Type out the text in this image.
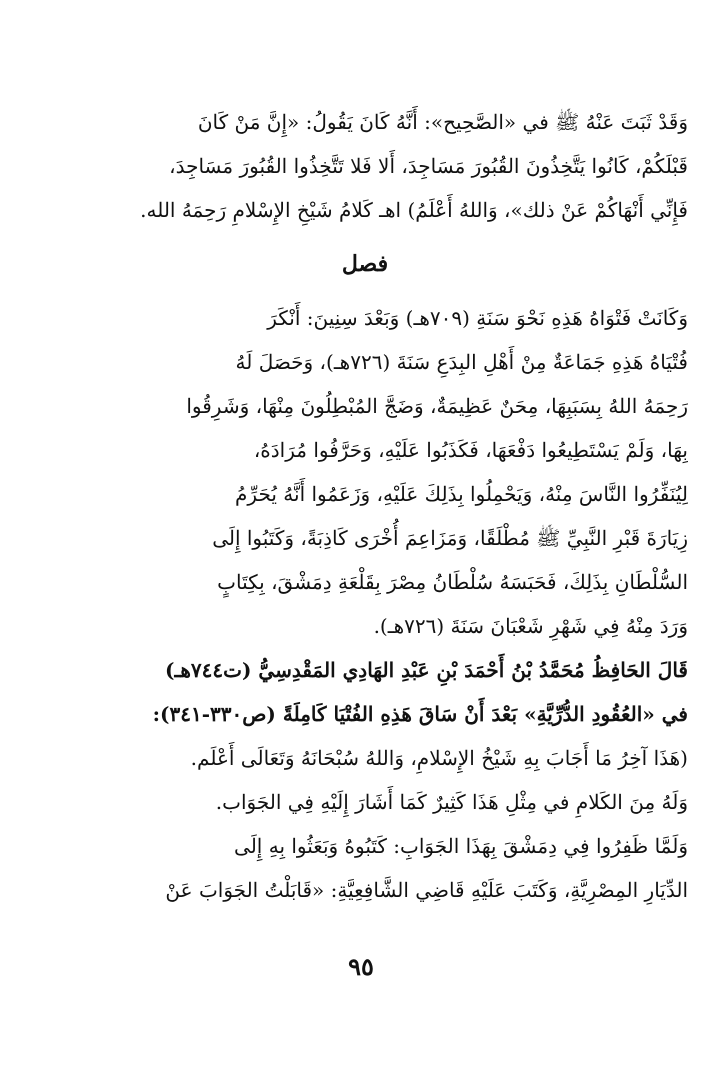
وَقَدْ ثَبَتَ عَنْهُ ﷺ في «الصَّحِيح»: أَنَّهُ كَانَ يَقُولُ: «إِنَّ مَنْ كَانَ
قَبْلَكُمْ، كَانُوا يَتَّخِذُونَ القُبُورَ مَسَاجِدَ، أَلا فَلا تَتَّخِذُوا القُبُورَ مَسَاجِدَ،
فَإِنِّي أَنْهَاكُمْ عَنْ ذلك»، وَاللهُ أَعْلَمُ) اهـ كَلامُ شَيْخِ الإِسْلامِ رَحِمَهُ الله.
فصل
وَكَانَتْ فَتْوَاهُ هَذِهِ نَحْوَ سَنَةِ (٧٠٩هـ) وَبَعْدَ سِنِينَ: أَنْكَرَ
فُتْيَاهُ هَذِهِ جَمَاعَةٌ مِنْ أَهْلِ البِدَعِ سَنَةَ (٧٢٦هـ)، وَحَصَلَ لَهُ
رَحِمَهُ اللهُ بِسَبَبِهَا، مِحَنٌ عَظِيمَةٌ، وَضَجَّ المُبْطِلُونَ مِنْهَا، وَشَرِقُوا
بِهَا، وَلَمْ يَسْتَطِيعُوا دَفْعَهَا، فَكَذَبُوا عَلَيْهِ، وَحَرَّفُوا مُرَادَهُ،
لِيُنَفِّرُوا النَّاسَ مِنْهُ، وَيَحْمِلُوا بِذَلِكَ عَلَيْهِ، وَزَعَمُوا أَنَّهُ يُحَرِّمُ
زِيَارَةَ قَبْرِ النَّبِيِّ ﷺ مُطْلَقًا، وَمَزَاعِمَ أُخْرَى كَاذِبَةً، وَكَتَبُوا إِلَى
السُّلْطَانِ بِذَلِكَ، فَحَبَسَهُ سُلْطَانُ مِصْرَ بِقَلْعَةِ دِمَشْقَ، بِكِتَابٍ
وَرَدَ مِنْهُ فِي شَهْرِ شَعْبَانَ سَنَةَ (٧٢٦هـ).
قَالَ الحَافِظُ مُحَمَّدُ بْنُ أَحْمَدَ بْنِ عَبْدِ الهَادِي المَقْدِسِيُّ (ت٧٤٤هـ)
في «العُقُودِ الدُّرِّيَّةِ» بَعْدَ أَنْ سَاقَ هَذِهِ الفُتْيَا كَامِلَةً (ص٣٣٠-٣٤١):
(هَذَا آخِرُ مَا أَجَابَ بِهِ شَيْخُ الإِسْلامِ، وَاللهُ سُبْحَانَهُ وَتَعَالَى أَعْلَم.
وَلَهُ مِنَ الكَلامِ في مِثْلِ هَذَا كَثِيرٌ كَمَا أَشَارَ إِلَيْهِ فِي الجَوَاب.
وَلَمَّا ظَفِرُوا فِي دِمَشْقَ بِهَذَا الجَوَابِ: كَتَبُوهُ وَبَعَثُوا بِهِ إِلَى
الدِّيَارِ المِصْرِيَّةِ، وَكَتَبَ عَلَيْهِ قَاضِي الشَّافِعِيَّةِ: «قَابَلْتُ الجَوَابَ عَنْ
٩٥
